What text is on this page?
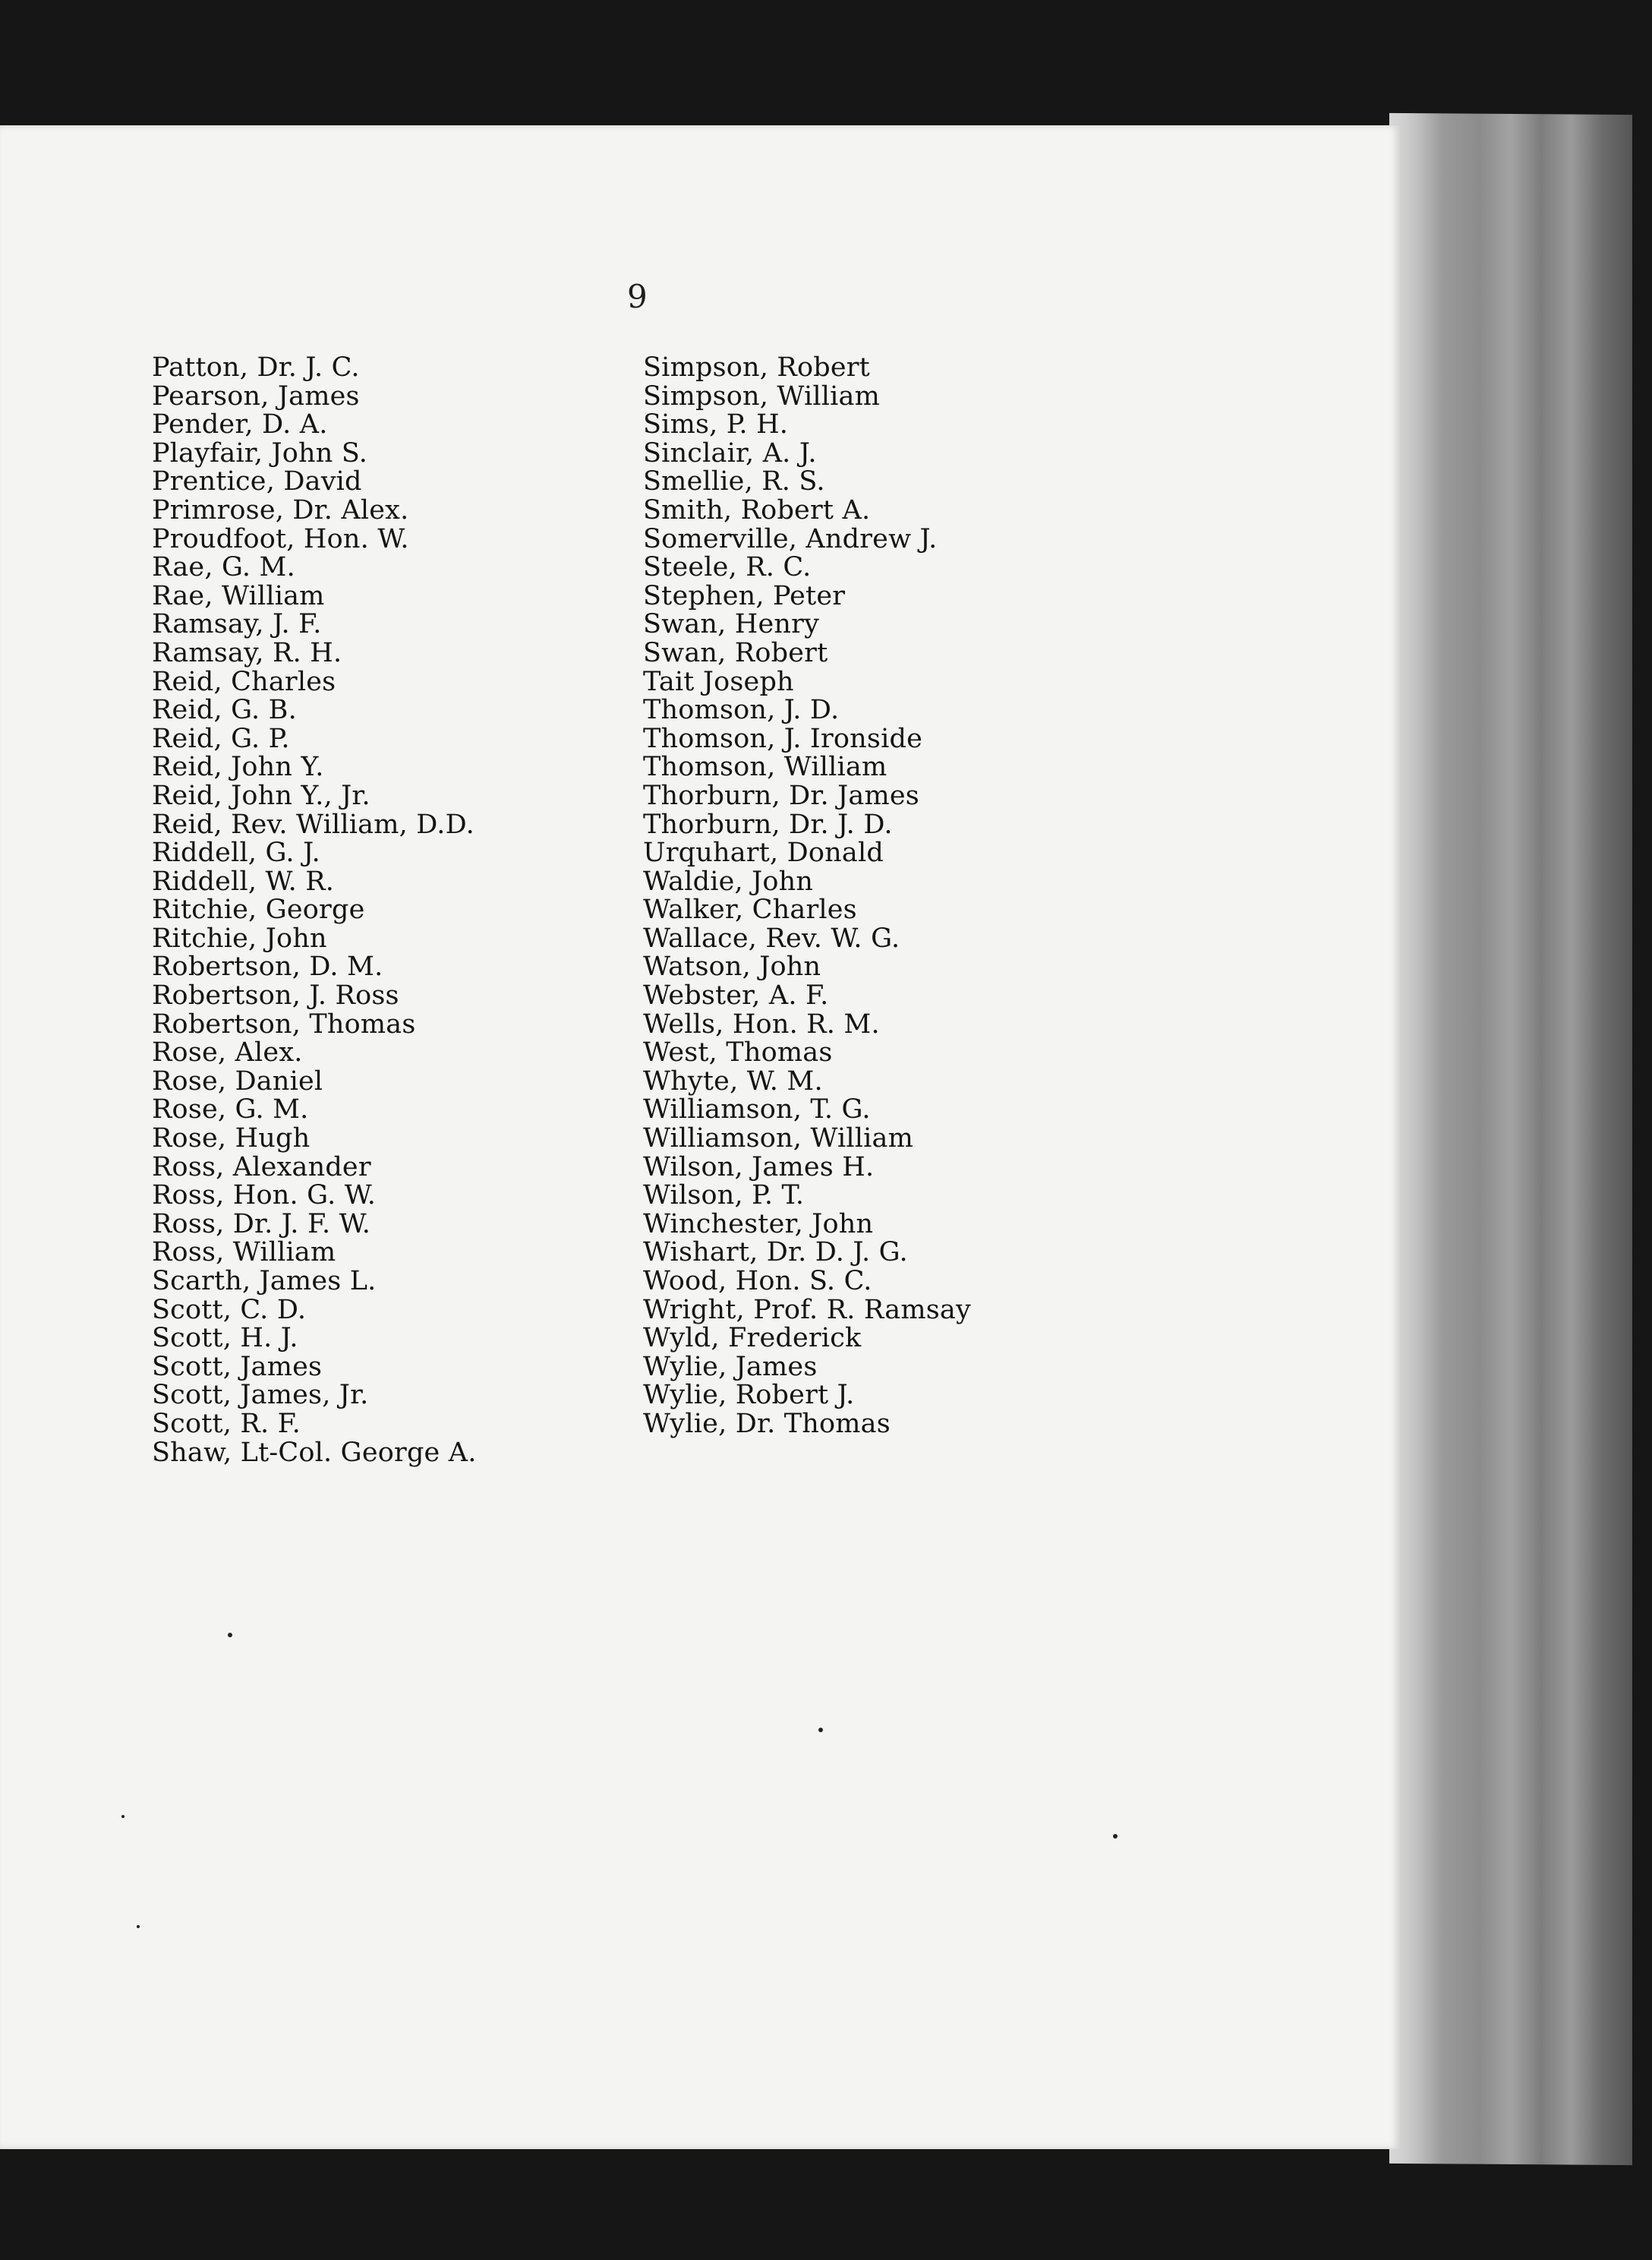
9
Patton, Dr. J. C.
Pearson, James
Pender, D. A.
Playfair, John S.
Prentice, David
Primrose, Dr. Alex.
Proudfoot, Hon. W.
Rae, G. M.
Rae, William
Ramsay, J. F.
Ramsay, R. H.
Reid, Charles
Reid, G. B.
Reid, G. P.
Reid, John Y.
Reid, John Y., Jr.
Reid, Rev. William, D.D.
Riddell, G. J.
Riddell, W. R.
Ritchie, George
Ritchie, John
Robertson, D. M.
Robertson, J. Ross
Robertson, Thomas
Rose, Alex.
Rose, Daniel
Rose, G. M.
Rose, Hugh
Ross, Alexander
Ross, Hon. G. W.
Ross, Dr. J. F. W.
Ross, William
Scarth, James L.
Scott, C. D.
Scott, H. J.
Scott, James
Scott, James, Jr.
Scott, R. F.
Shaw, Lt-Col. George A.
Simpson, Robert
Simpson, William
Sims, P. H.
Sinclair, A. J.
Smellie, R. S.
Smith, Robert A.
Somerville, Andrew J.
Steele, R. C.
Stephen, Peter
Swan, Henry
Swan, Robert
Tait Joseph
Thomson, J. D.
Thomson, J. Ironside
Thomson, William
Thorburn, Dr. James
Thorburn, Dr. J. D.
Urquhart, Donald
Waldie, John
Walker, Charles
Wallace, Rev. W. G.
Watson, John
Webster, A. F.
Wells, Hon. R. M.
West, Thomas
Whyte, W. M.
Williamson, T. G.
Williamson, William
Wilson, James H.
Wilson, P. T.
Winchester, John
Wishart, Dr. D. J. G.
Wood, Hon. S. C.
Wright, Prof. R. Ramsay
Wyld, Frederick
Wylie, James
Wylie, Robert J.
Wylie, Dr. Thomas
